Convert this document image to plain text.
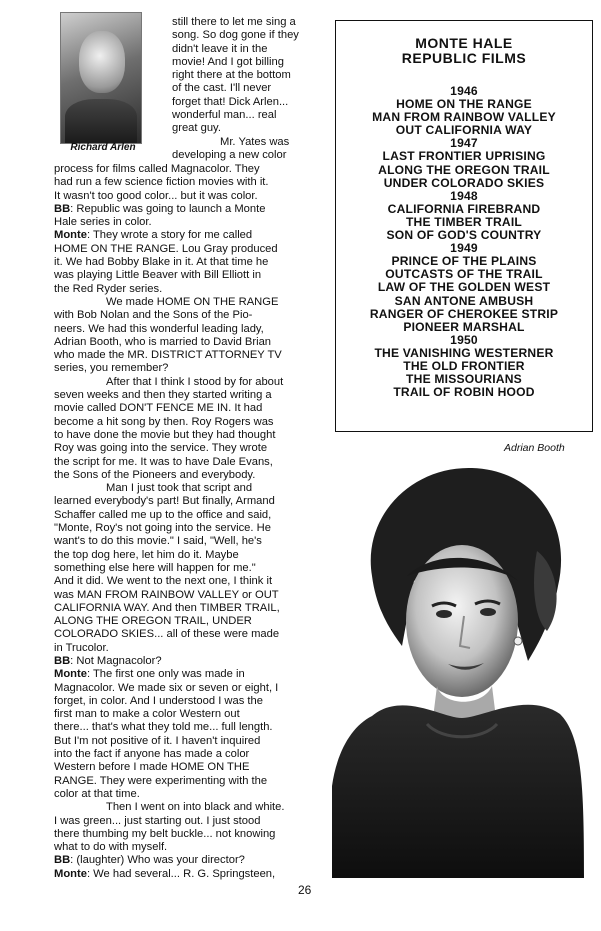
Richard Arlen
still there to let me sing a
song. So dog gone if they
didn't leave it in the
movie! And I got billing
right there at the bottom
of the cast. I'll never
forget that! Dick Arlen...
wonderful man... real
great guy.
Mr. Yates was
developing a new color
process for films called Magnacolor. They
had run a few science fiction movies with it.
It wasn't too good color... but it was color.
BB: Republic was going to launch a Monte
Hale series in color.
Monte: They wrote a story for me called
HOME ON THE RANGE. Lou Gray produced
it. We had Bobby Blake in it. At that time he
was playing Little Beaver with Bill Elliott in
the Red Ryder series.
We made HOME ON THE RANGE
with Bob Nolan and the Sons of the Pio-
neers. We had this wonderful leading lady,
Adrian Booth, who is married to David Brian
who made the MR. DISTRICT ATTORNEY TV
series, you remember?
After that I think I stood by for about
seven weeks and then they started writing a
movie called DON'T FENCE ME IN. It had
become a hit song by then. Roy Rogers was
to have done the movie but they had thought
Roy was going into the service. They wrote
the script for me. It was to have Dale Evans,
the Sons of the Pioneers and everybody.
Man I just took that script and
learned everybody's part! But finally, Armand
Schaffer called me up to the office and said,
"Monte, Roy's not going into the service. He
want's to do this movie." I said, "Well, he's
the top dog here, let him do it. Maybe
something else here will happen for me."
And it did. We went to the next one, I think it
was MAN FROM RAINBOW VALLEY or OUT
CALIFORNIA WAY. And then TIMBER TRAIL,
ALONG THE OREGON TRAIL, UNDER
COLORADO SKIES... all of these were made
in Trucolor.
BB: Not Magnacolor?
Monte: The first one only was made in
Magnacolor. We made six or seven or eight, I
forget, in color. And I understood I was the
first man to make a color Western out
there... that's what they told me... full length.
But I'm not positive of it. I haven't inquired
into the fact if anyone has made a color
Western before I made HOME ON THE
RANGE. They were experimenting with the
color at that time.
Then I went on into black and white.
I was green... just starting out. I just stood
there thumbing my belt buckle... not knowing
what to do with myself.
BB: (laughter) Who was your director?
Monte: We had several... R. G. Springsteen,
MONTE HALE
REPUBLIC FILMS
1946
HOME ON THE RANGE
MAN FROM RAINBOW VALLEY
OUT CALIFORNIA WAY
1947
LAST FRONTIER UPRISING
ALONG THE OREGON TRAIL
UNDER COLORADO SKIES
1948
CALIFORNIA FIREBRAND
THE TIMBER TRAIL
SON OF GOD'S COUNTRY
1949
PRINCE OF THE PLAINS
OUTCASTS OF THE TRAIL
LAW OF THE GOLDEN WEST
SAN ANTONE AMBUSH
RANGER OF CHEROKEE STRIP
PIONEER MARSHAL
1950
THE VANISHING WESTERNER
THE OLD FRONTIER
THE MISSOURIANS
TRAIL OF ROBIN HOOD
Adrian Booth
26
